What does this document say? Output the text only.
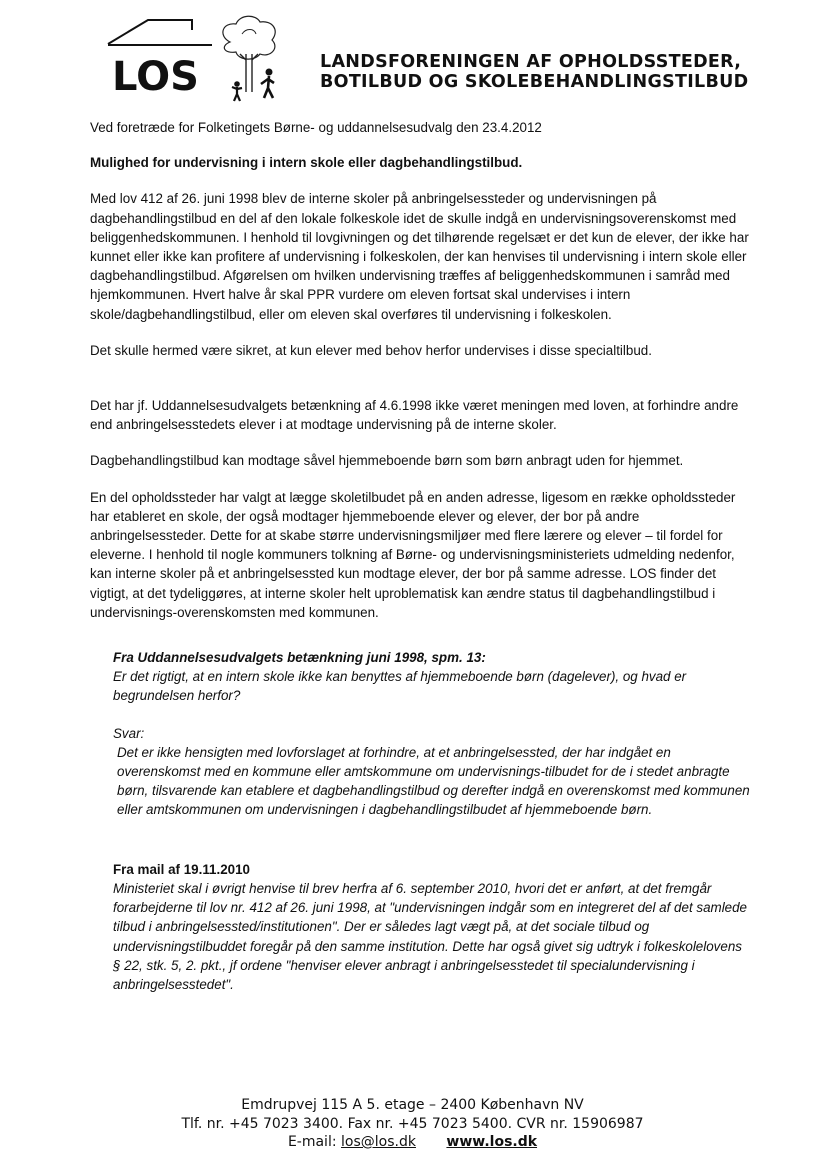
LOS	LANDSFORENINGEN AF OPHOLDSSTEDER,
BOTILBUD OG SKOLEBEHANDLINGSTILBUD

Ved foretræde for Folketingets Børne- og uddannelsesudvalg den 23.4.2012

Mulighed for undervisning i intern skole eller dagbehandlingstilbud.

Med lov 412 af 26. juni 1998 blev de interne skoler på anbringelsessteder og undervisningen på dagbehandlingstilbud en del af den lokale folkeskole idet de skulle indgå en undervisningsoverenskomst med beliggenhedskommunen. I henhold til lovgivningen og det tilhørende regelsæt er det kun de elever, der ikke har kunnet eller ikke kan profitere af undervisning i folkeskolen, der kan henvises til undervisning i intern skole eller dagbehandlingstilbud. Afgørelsen om hvilken undervisning træffes af beliggenhedskommunen i samråd med hjemkommunen. Hvert halve år skal PPR vurdere om eleven fortsat skal undervises i intern skole/dagbehandlingstilbud, eller om eleven skal overføres til undervisning i folkeskolen.

Det skulle hermed være sikret, at kun elever med behov herfor undervises i disse specialtilbud.

Det har jf. Uddannelsesudvalgets betænkning af 4.6.1998 ikke været meningen med loven, at forhindre andre end anbringelsesstedets elever i at modtage undervisning på de interne skoler.

Dagbehandlingstilbud kan modtage såvel hjemmeboende børn som børn anbragt uden for hjemmet.

En del opholdssteder har valgt at lægge skoletilbudet på en anden adresse, ligesom en række opholdssteder har etableret en skole, der også modtager hjemmeboende elever og elever, der bor på andre anbringelsessteder. Dette for at skabe større undervisningsmiljøer med flere lærere og elever – til fordel for eleverne. I henhold til nogle kommuners tolkning af Børne- og undervisningsministeriets udmelding nedenfor, kan interne skoler på et anbringelsessted kun modtage elever, der bor på samme adresse. LOS finder det vigtigt, at det tydeliggøres, at interne skoler helt uproblematisk kan ændre status til dagbehandlingstilbud i undervisnings-overenskomsten med kommunen.

Fra Uddannelsesudvalgets betænkning juni 1998, spm. 13:
Er det rigtigt, at en intern skole ikke kan benyttes af hjemmeboende børn (dagelever), og hvad er begrundelsen herfor?
Svar:
Det er ikke hensigten med lovforslaget at forhindre, at et anbringelsessted, der har indgået en overenskomst med en kommune eller amtskommune om undervisnings-tilbudet for de i stedet anbragte børn, tilsvarende kan etablere et dagbehandlingstilbud og derefter indgå en overenskomst med kommunen eller amtskommunen om undervisningen i dagbehandlingstilbudet af hjemmeboende børn.
Fra mail af 19.11.2010
Ministeriet skal i øvrigt henvise til brev herfra af 6. september 2010, hvori det er anført, at det fremgår forarbejderne til lov nr. 412 af 26. juni 1998, at "undervisningen indgår som en integreret del af det samlede tilbud i anbringelsessted/institutionen". Der er således lagt vægt på, at det sociale tilbud og undervisningstilbuddet foregår på den samme institution. Dette har også givet sig udtryk i folkeskolelovens § 22, stk. 5, 2. pkt., jf ordene "henviser elever anbragt i anbringelsesstedet til specialundervisning i anbringelsesstedet".
Emdrupvej 115 A 5. etage – 2400 København NV
Tlf. nr. +45 7023 3400. Fax nr. +45 7023 5400. CVR nr. 15906987
E-mail: los@los.dk www.los.dk
